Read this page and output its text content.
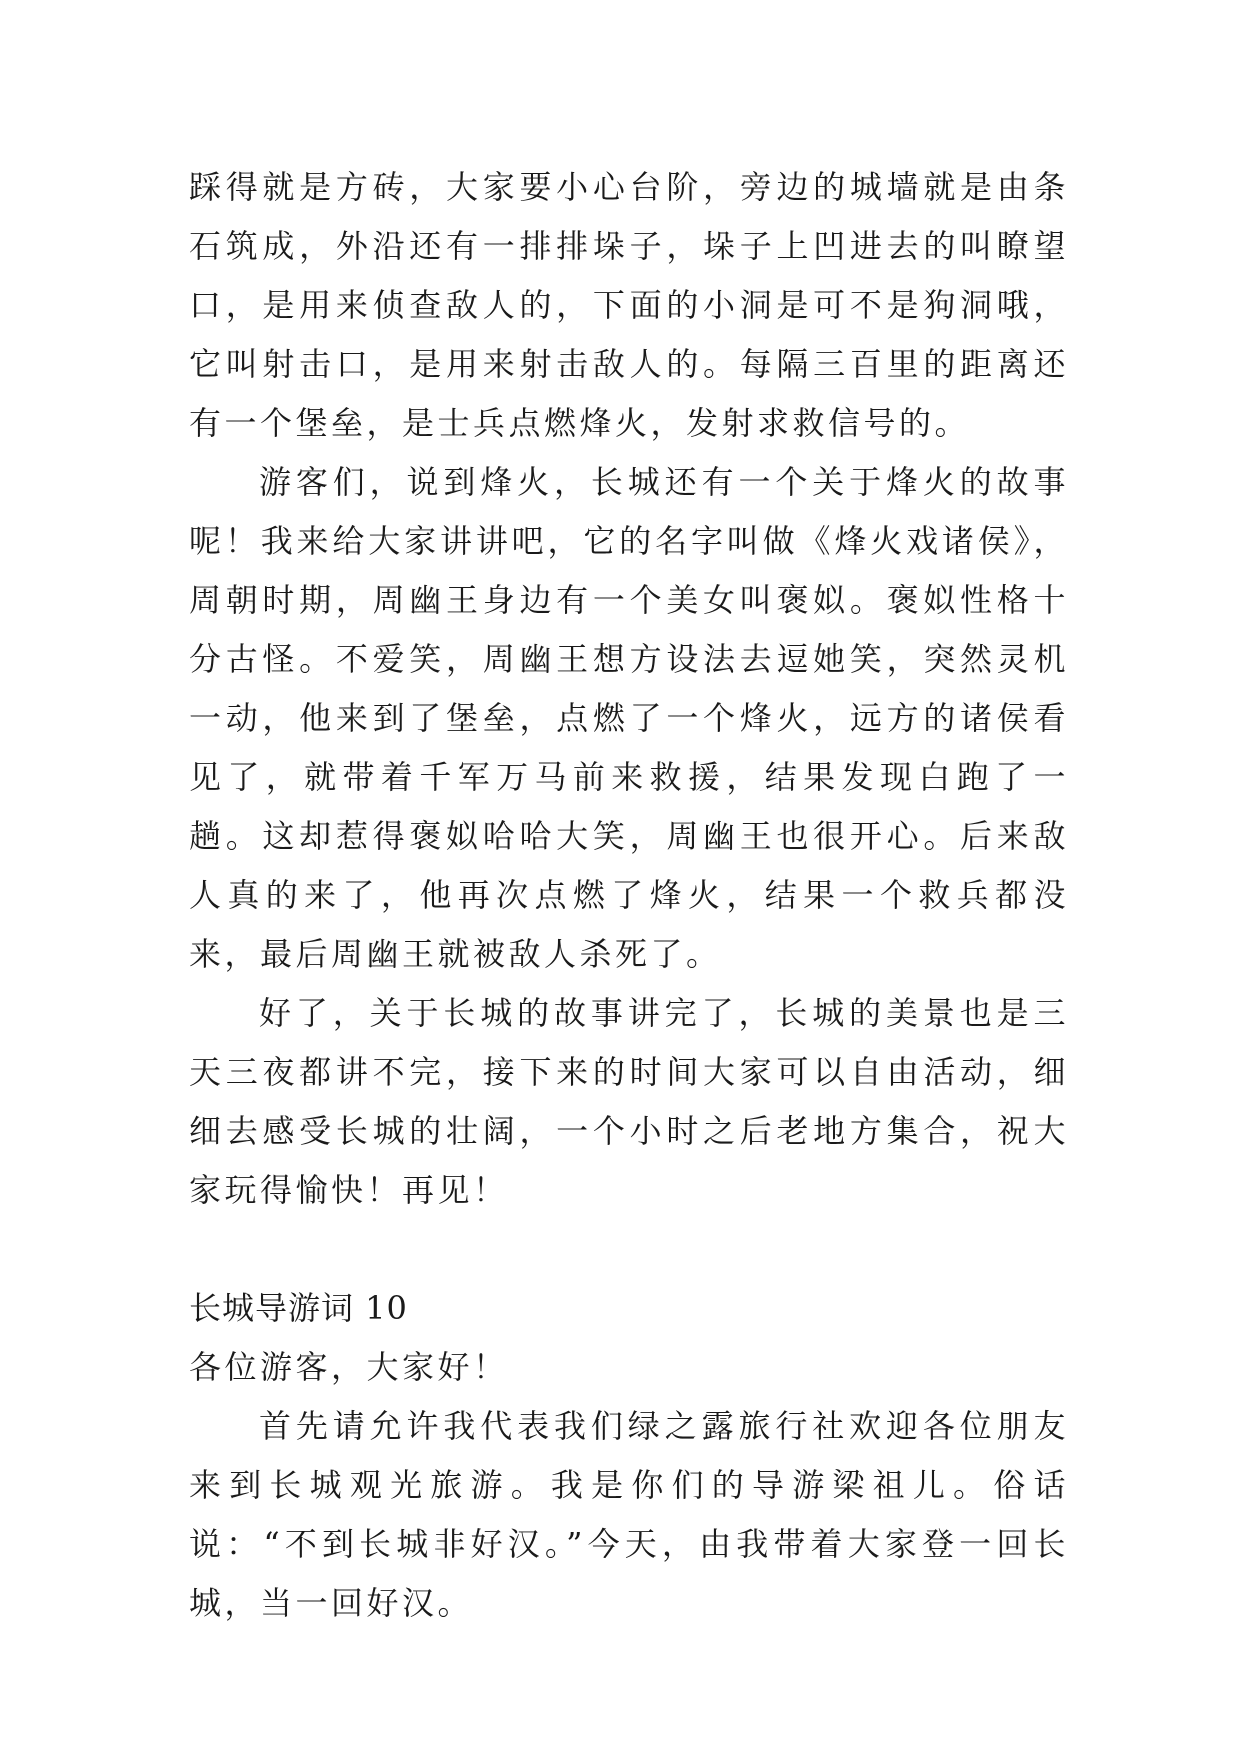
踩得就是方砖，大家要小心台阶，旁边的城墙就是由条石筑成，外沿还有一排排垛子，垛子上凹进去的叫瞭望口，是用来侦查敌人的，下面的小洞是可不是狗洞哦，它叫射击口，是用来射击敌人的。每隔三百里的距离还有一个堡垒，是士兵点燃烽火，发射求救信号的。

游客们，说到烽火，长城还有一个关于烽火的故事呢！我来给大家讲讲吧，它的名字叫做《烽火戏诸侯》，周朝时期，周幽王身边有一个美女叫褒姒。褒姒性格十分古怪。不爱笑，周幽王想方设法去逗她笑，突然灵机一动，他来到了堡垒，点燃了一个烽火，远方的诸侯看见了，就带着千军万马前来救援，结果发现白跑了一趟。这却惹得褒姒哈哈大笑，周幽王也很开心。后来敌人真的来了，他再次点燃了烽火，结果一个救兵都没来，最后周幽王就被敌人杀死了。

好了，关于长城的故事讲完了，长城的美景也是三天三夜都讲不完，接下来的时间大家可以自由活动，细细去感受长城的壮阔，一个小时之后老地方集合，祝大家玩得愉快！再见！

长城导游词 10

各位游客，大家好！

首先请允许我代表我们绿之露旅行社欢迎各位朋友来到长城观光旅游。我是你们的导游梁祖儿。俗话说：“不到长城非好汉。”今天，由我带着大家登一回长城，当一回好汉。
